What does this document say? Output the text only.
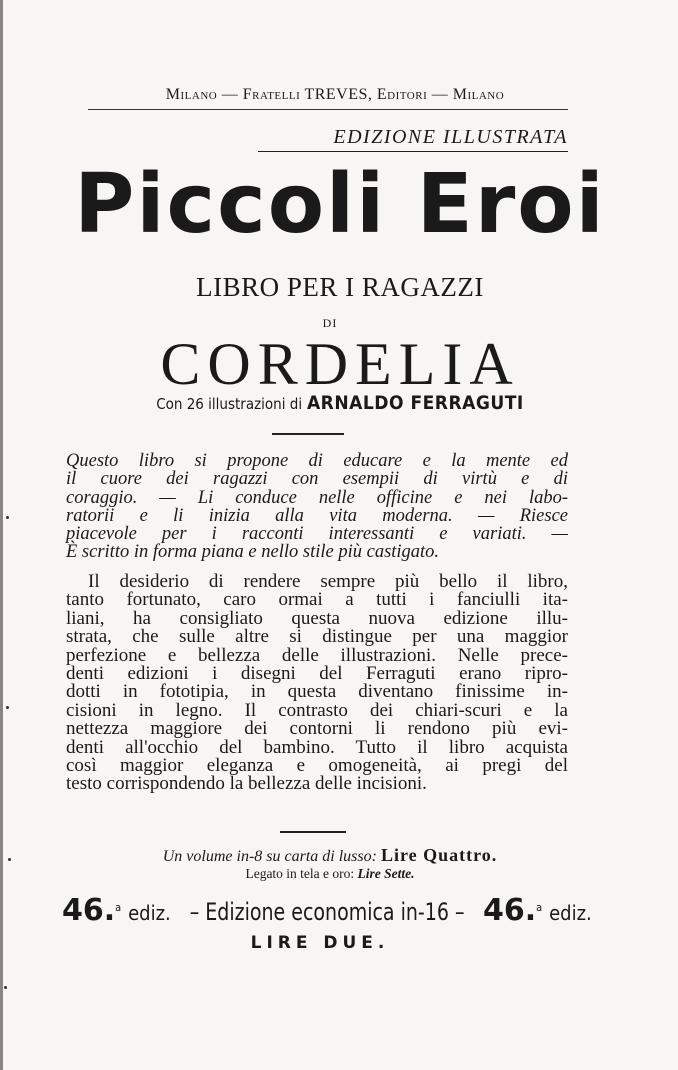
Milano — Fratelli TREVES, Editori — Milano
EDIZIONE ILLUSTRATA
Piccoli Eroi
LIBRO PER I RAGAZZI
DI
CORDELIA
Con 26 illustrazioni di ARNALDO FERRAGUTI
Questo libro si propone di educare e la mente ed
il cuore dei ragazzi con esempii di virtù e di
coraggio. — Li conduce nelle officine e nei labo-
ratorii e li inizia alla vita moderna. — Riesce
piacevole per i racconti interessanti e variati. —
È scritto in forma piana e nello stile più castigato.
Il desiderio di rendere sempre più bello il libro,
tanto fortunato, caro ormai a tutti i fanciulli ita-
liani, ha consigliato questa nuova edizione illu-
strata, che sulle altre si distingue per una maggior
perfezione e bellezza delle illustrazioni. Nelle prece-
denti edizioni i disegni del Ferraguti erano ripro-
dotti in fototipia, in questa diventano finissime in-
cisioni in legno. Il contrasto dei chiari-scuri e la
nettezza maggiore dei contorni li rendono più evi-
denti all'occhio del bambino. Tutto il libro acquista
così maggior eleganza e omogeneità, ai pregi del
testo corrispondendo la bellezza delle incisioni.
Un volume in-8 su carta di lusso: Lire Quattro.
Legato in tela e oro: Lire Sette.
46.$^a$ ediz. – Edizione economica in-16 – 46.$^a$ ediz.
LIRE DUE.
